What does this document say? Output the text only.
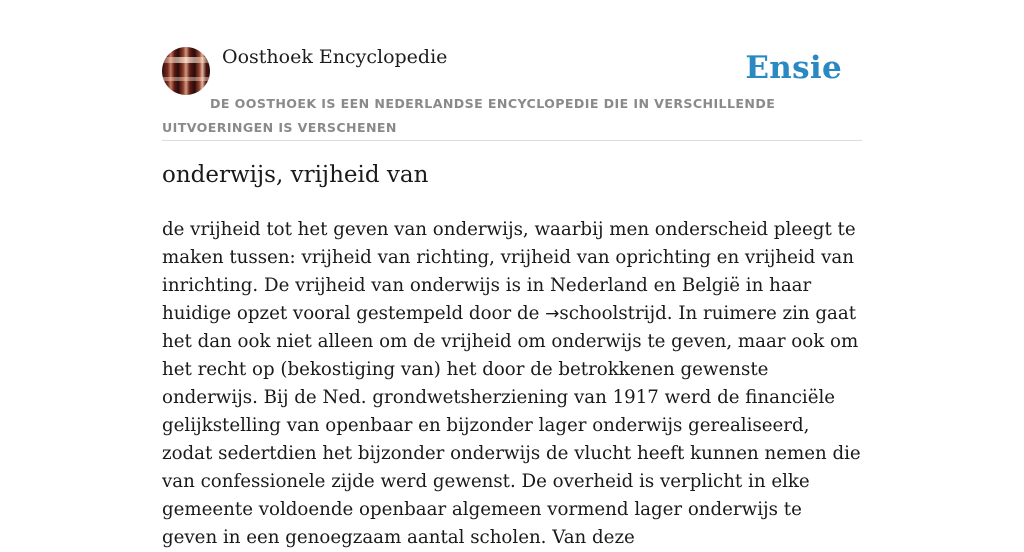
Oosthoek Encyclopedie	Ensie
DE OOSTHOEK IS EEN NEDERLANDSE ENCYCLOPEDIE DIE IN VERSCHILLENDE UITVOERINGEN IS VERSCHENEN
onderwijs, vrijheid van

de vrijheid tot het geven van onderwijs, waarbij men onderscheid pleegt te maken tussen: vrijheid van richting, vrijheid van oprichting en vrijheid van inrichting. De vrijheid van onderwijs is in Nederland en België in haar huidige opzet vooral gestempeld door de →schoolstrijd. In ruimere zin gaat het dan ook niet alleen om de vrijheid om onderwijs te geven, maar ook om het recht op (bekostiging van) het door de betrokkenen gewenste onderwijs. Bij de Ned. grondwetsherziening van 1917 werd de financiële gelijkstelling van openbaar en bijzonder lager onderwijs gerealiseerd, zodat sedertdien het bijzonder onderwijs de vlucht heeft kunnen nemen die van confessionele zijde werd gewenst. De overheid is verplicht in elke gemeente voldoende openbaar algemeen vormend lager onderwijs te geven in een genoegzaam aantal scholen. Van deze
